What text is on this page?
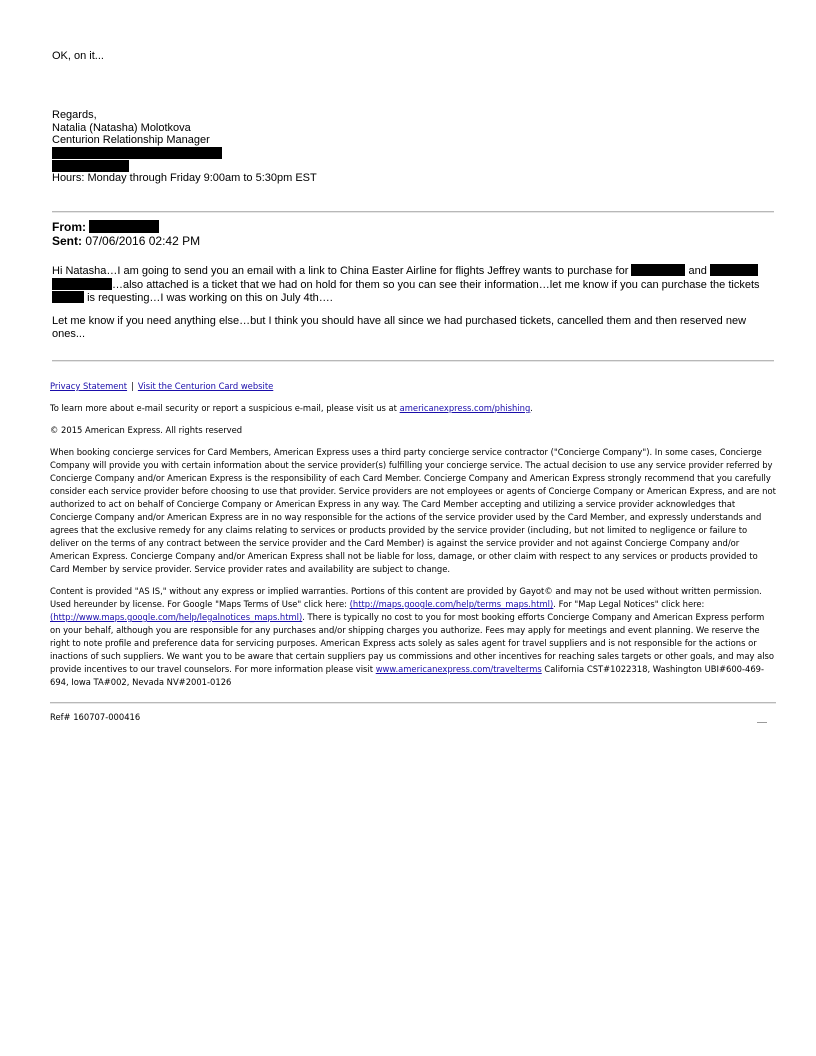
OK, on it...
Regards,
Natalia (Natasha) Molotkova
Centurion Relationship Manager
Hours: Monday through Friday 9:00am to 5:30pm EST
From:
Sent: 07/06/2016 02:42 PM
Hi Natasha…I am going to send you an email with a link to China Easter Airline for flights Jeffrey wants to purchase for	and  …also attached is a ticket that we had on hold for them so you can see their information…let me know if you can purchase the tickets  is requesting…I was working on this on July 4th….
Let me know if you need anything else…but I think you should have all since we had purchased tickets, cancelled them and then reserved new ones...
Privacy Statement | Visit the Centurion Card website
To learn more about e-mail security or report a suspicious e-mail, please visit us at americanexpress.com/phishing.
© 2015 American Express. All rights reserved
When booking concierge services for Card Members, American Express uses a third party concierge service contractor ("Concierge Company"). In some cases, Concierge Company will provide you with certain information about the service provider(s) fulfilling your concierge service. The actual decision to use any service provider referred by Concierge Company and/or American Express is the responsibility of each Card Member. Concierge Company and American Express strongly recommend that you carefully consider each service provider before choosing to use that provider. Service providers are not employees or agents of Concierge Company or American Express, and are not authorized to act on behalf of Concierge Company or American Express in any way. The Card Member accepting and utilizing a service provider acknowledges that Concierge Company and/or American Express are in no way responsible for the actions of the service provider used by the Card Member, and expressly understands and agrees that the exclusive remedy for any claims relating to services or products provided by the service provider (including, but not limited to negligence or failure to deliver on the terms of any contract between the service provider and the Card Member) is against the service provider and not against Concierge Company and/or American Express. Concierge Company and/or American Express shall not be liable for loss, damage, or other claim with respect to any services or products provided to Card Member by service provider. Service provider rates and availability are subject to change.
Content is provided "AS IS," without any express or implied warranties. Portions of this content are provided by Gayot© and may not be used without written permission. Used hereunder by license. For Google "Maps Terms of Use" click here: (http://maps.google.com/help/terms_maps.html). For "Map Legal Notices" click here: (http://www.maps.google.com/help/legalnotices_maps.html). There is typically no cost to you for most booking efforts Concierge Company and American Express perform on your behalf, although you are responsible for any purchases and/or shipping charges you authorize. Fees may apply for meetings and event planning. We reserve the right to note profile and preference data for servicing purposes. American Express acts solely as sales agent for travel suppliers and is not responsible for the actions or inactions of such suppliers. We want you to be aware that certain suppliers pay us commissions and other incentives for reaching sales targets or other goals, and may also provide incentives to our travel counselors. For more information please visit www.americanexpress.com/travelterms California CST#1022318, Washington UBI#600-469-694, Iowa TA#002, Nevada NV#2001-0126
Ref# 160707-000416
